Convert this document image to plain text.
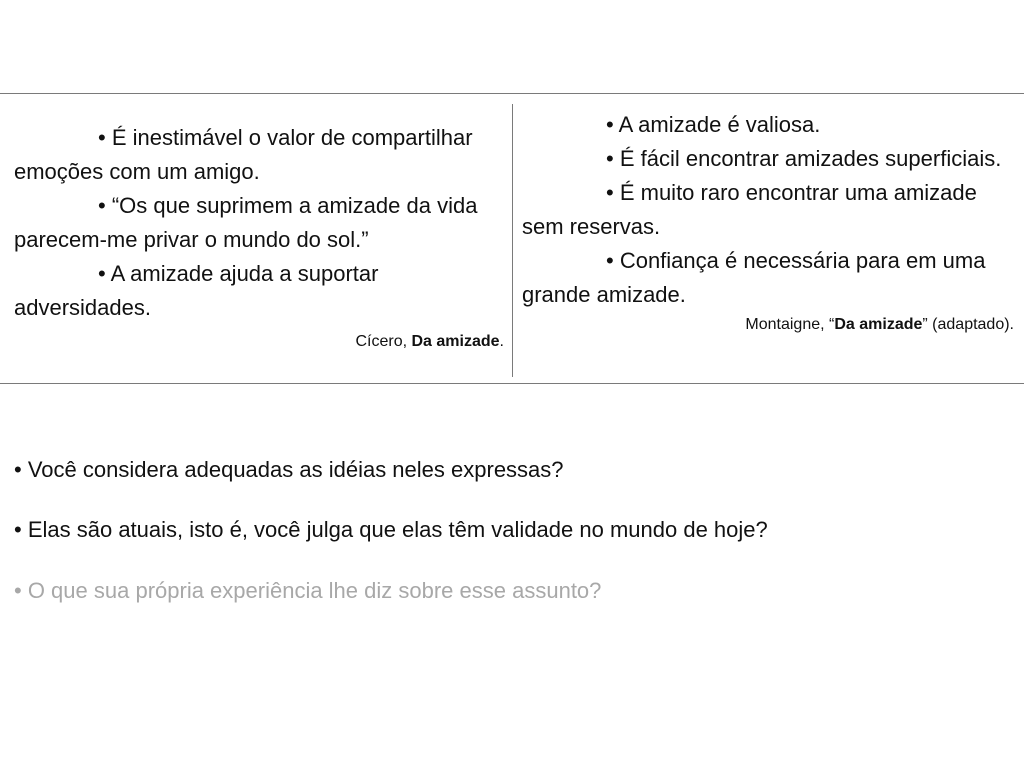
• É inestimável o valor de compartilhar emoções com um amigo.

• “Os que suprimem a amizade da vida parecem-me privar o mundo do sol.”

• A amizade ajuda a suportar adversidades.

Cícero, Da amizade.

• A amizade é valiosa.

• É fácil encontrar amizades superficiais.

• É muito raro encontrar uma amizade sem reservas.

• Confiança é necessária para em uma grande amizade.

Montaigne, “Da amizade” (adaptado).
• Você considera adequadas as idéias neles expressas?
• Elas são atuais, isto é, você julga que elas têm validade no mundo de hoje?
• O que sua própria experiência lhe diz sobre esse assunto?
